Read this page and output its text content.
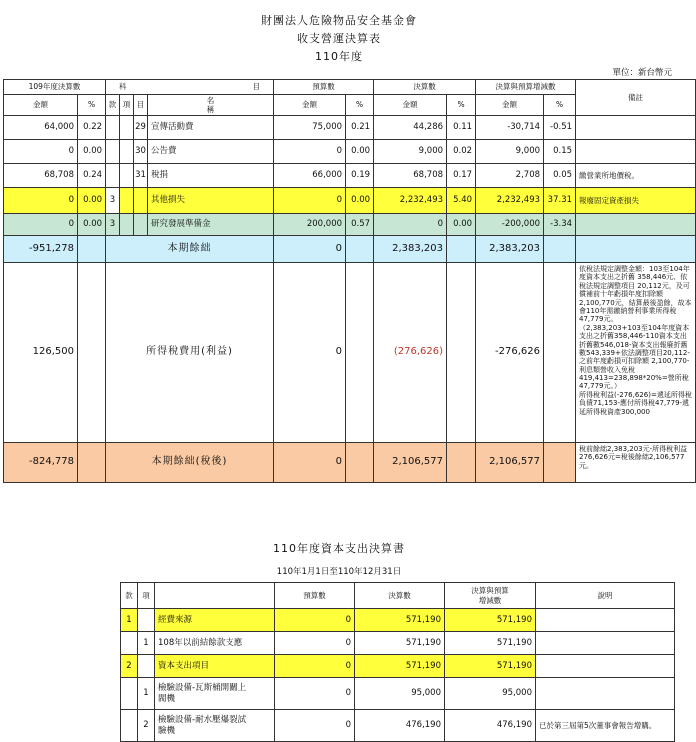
財團法人危險物品安全基金會
收支營運決算表
110年度
單位：新台幣元
109年度決算數		科 目				預算數		決算數		決算與預算增減數		備註
金額	%	款	項	目	名
稱	金額	%	金額	%	金額	%	
64,000	0.22			29	宣傳活動費	75,000	0.21	44,286	0.11	-30,714	-0.51	
0	0.00			30	公告費	0	0.00	9,000	0.02	9,000	0.15	
68,708	0.24			31	稅捐	66,000	0.19	68,708	0.17	2,708	0.05	繳營業所地價稅。
0	0.00	3			其他損失	0	0.00	2,232,493	5.40	2,232,493	37.31	報廢固定資產損失
0	0.00	3			研究發展準備金	200,000	0.57	0	0.00	-200,000	-3.34	
-951,278		本期餘絀				0		2,383,203		2,383,203		
126,500		所得稅費用(利益)				0		(276,626)		-276,626		依稅法規定調整金額：103至104年度資本支出之折舊 358,446元、依稅法規定調整項目 20,112元，及可償補前十年虧損年度扣除額 2,100,770元，結算最後盈餘，故本會110年需繳納營利事業所得稅 47,779元。
（2,383,203+103至104年度資本支出之折舊358,446-110資本支出折舊數546,018-資本支出報廢折舊數543,339+依法調整項目20,112-之前年度虧損可扣除額 2,100,770-利息類營收入免稅 419,413=238,898*20%=營所稅 47,779元。）
所得稅利益(-276,626)=遞延所得稅負債71,153-應付所得稅47,779-遞延所得稅資產300,000
-824,778		本期餘絀(稅後)				0		2,106,577		2,106,577		稅前餘絀2,383,203元-所得稅利益276,626元=稅後餘絀2,106,577元。
110年度資本支出決算書
110年1月1日至110年12月31日
款	項		預算數	決算數	決算與預算
增減數	說明
1		經費來源	0	571,190	571,190	
	1	108年以前結餘款支應	0	571,190	571,190	
2		資本支出項目	0	571,190	571,190	
	1	檢驗設備-瓦斯桶開關上
閥機	0	95,000	95,000	
	2	檢驗設備-耐水壓爆裂試
驗機	0	476,190	476,190	已於第三屆第5次董事會報告增購。
